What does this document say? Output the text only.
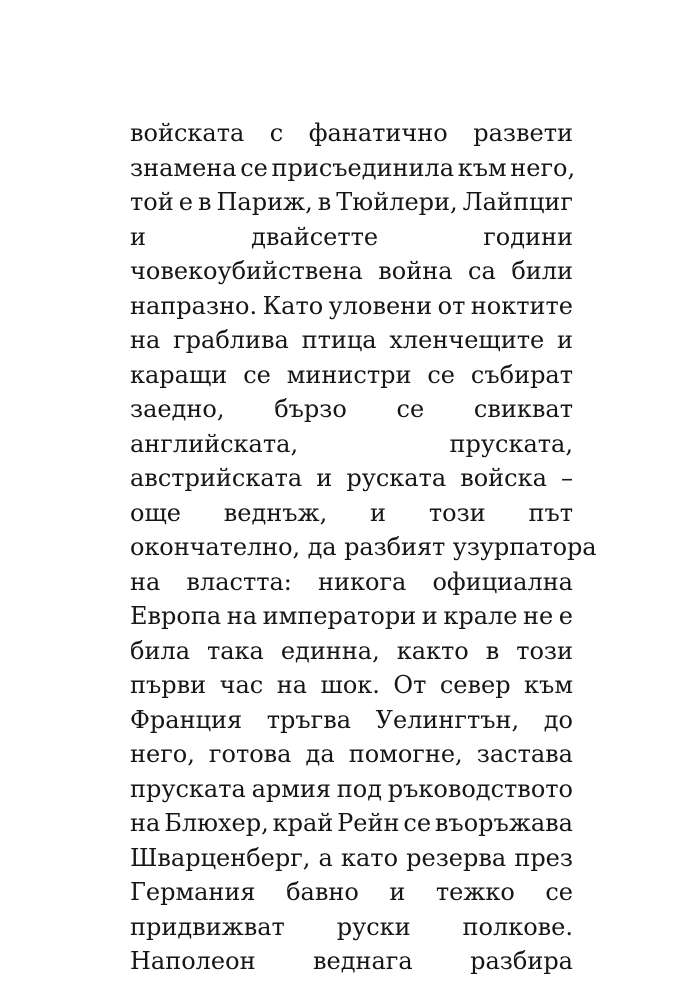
войската с фанатично развети
знамена се присъединила към него,
той е в Париж, в Тюйлери, Лайпциг
и двайсетте години
човекоубийствена война са били
напразно. Като уловени от ноктите
на граблива птица хленчещите и
каращи се министри се събират
заедно, бързо се свикват
английската, пруската,
австрийската и руската войска –
още веднъж, и този път
окончателно, да разбият узурпатора
на властта: никога официална
Европа на императори и крале не е
била така единна, както в този
първи час на шок. От север към
Франция тръгва Уелингтън, до
него, готова да помогне, застава
пруската армия под ръководството
на Блюхер, край Рейн се въоръжава
Шварценберг, а като резерва през
Германия бавно и тежко се
придвижват руски полкове.
Наполеон веднага разбира
